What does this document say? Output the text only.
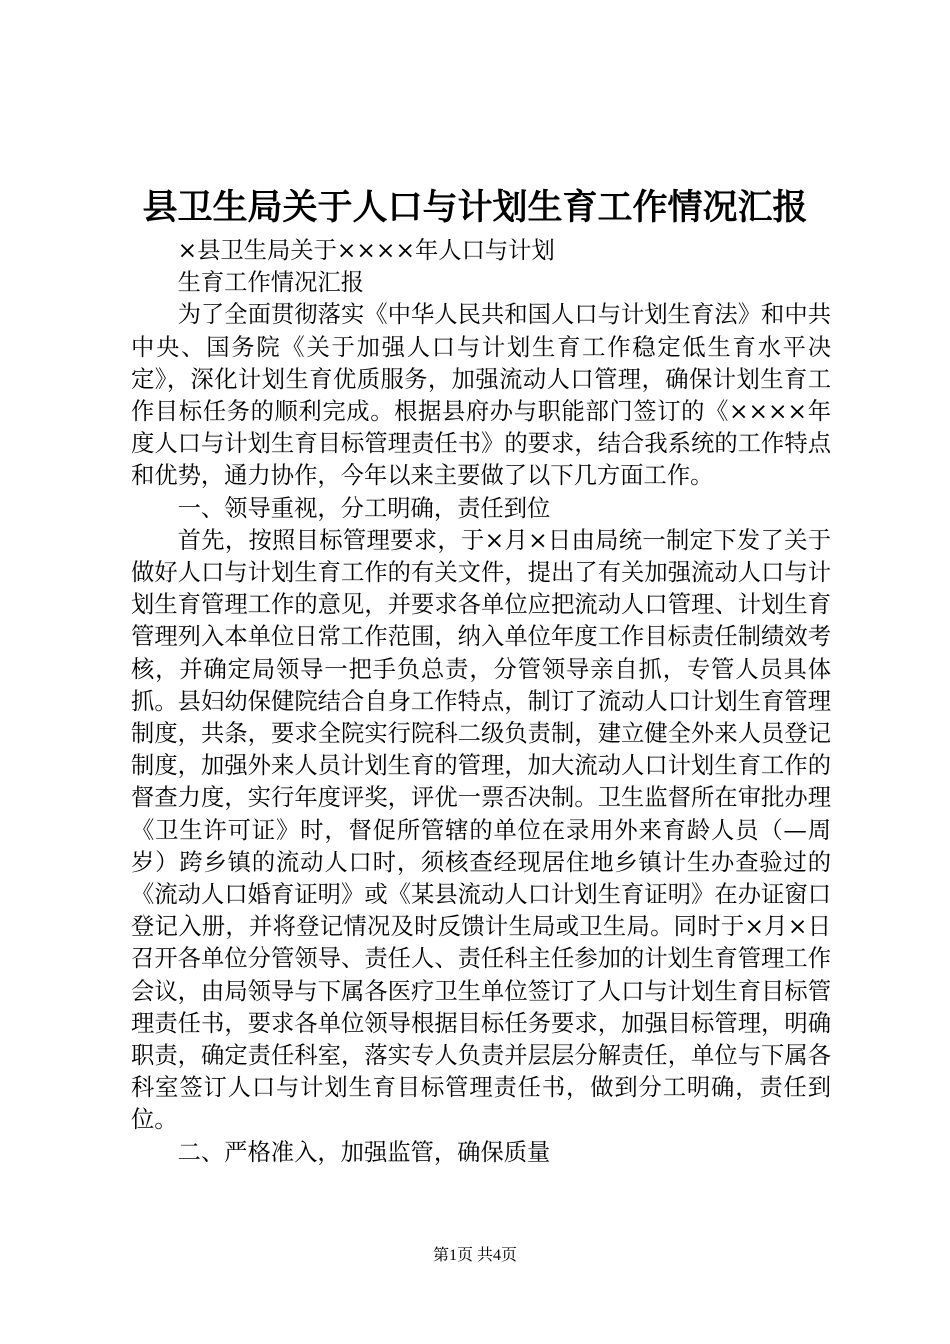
县卫生局关于人口与计划生育工作情况汇报

×县卫生局关于××××年人口与计划

生育工作情况汇报

为了全面贯彻落实《中华人民共和国人口与计划生育法》和中共中央、国务院《关于加强人口与计划生育工作稳定低生育水平决定》，深化计划生育优质服务，加强流动人口管理，确保计划生育工作目标任务的顺利完成。根据县府办与职能部门签订的《××××年度人口与计划生育目标管理责任书》的要求，结合我系统的工作特点和优势，通力协作，今年以来主要做了以下几方面工作。

一、领导重视，分工明确，责任到位

首先，按照目标管理要求，于×月×日由局统一制定下发了关于做好人口与计划生育工作的有关文件，提出了有关加强流动人口与计划生育管理工作的意见，并要求各单位应把流动人口管理、计划生育管理列入本单位日常工作范围，纳入单位年度工作目标责任制绩效考核，并确定局领导一把手负总责，分管领导亲自抓，专管人员具体抓。县妇幼保健院结合自身工作特点，制订了流动人口计划生育管理制度，共条，要求全院实行院科二级负责制，建立健全外来人员登记制度，加强外来人员计划生育的管理，加大流动人口计划生育工作的督查力度，实行年度评奖，评优一票否决制。卫生监督所在审批办理《卫生许可证》时，督促所管辖的单位在录用外来育龄人员（—周岁）跨乡镇的流动人口时，须核查经现居住地乡镇计生办查验过的《流动人口婚育证明》或《某县流动人口计划生育证明》在办证窗口登记入册，并将登记情况及时反馈计生局或卫生局。同时于×月×日召开各单位分管领导、责任人、责任科主任参加的计划生育管理工作会议，由局领导与下属各医疗卫生单位签订了人口与计划生育目标管理责任书，要求各单位领导根据目标任务要求，加强目标管理，明确职责，确定责任科室，落实专人负责并层层分解责任，单位与下属各科室签订人口与计划生育目标管理责任书，做到分工明确，责任到位。

二、严格准入，加强监管，确保质量

第1页 共4页
